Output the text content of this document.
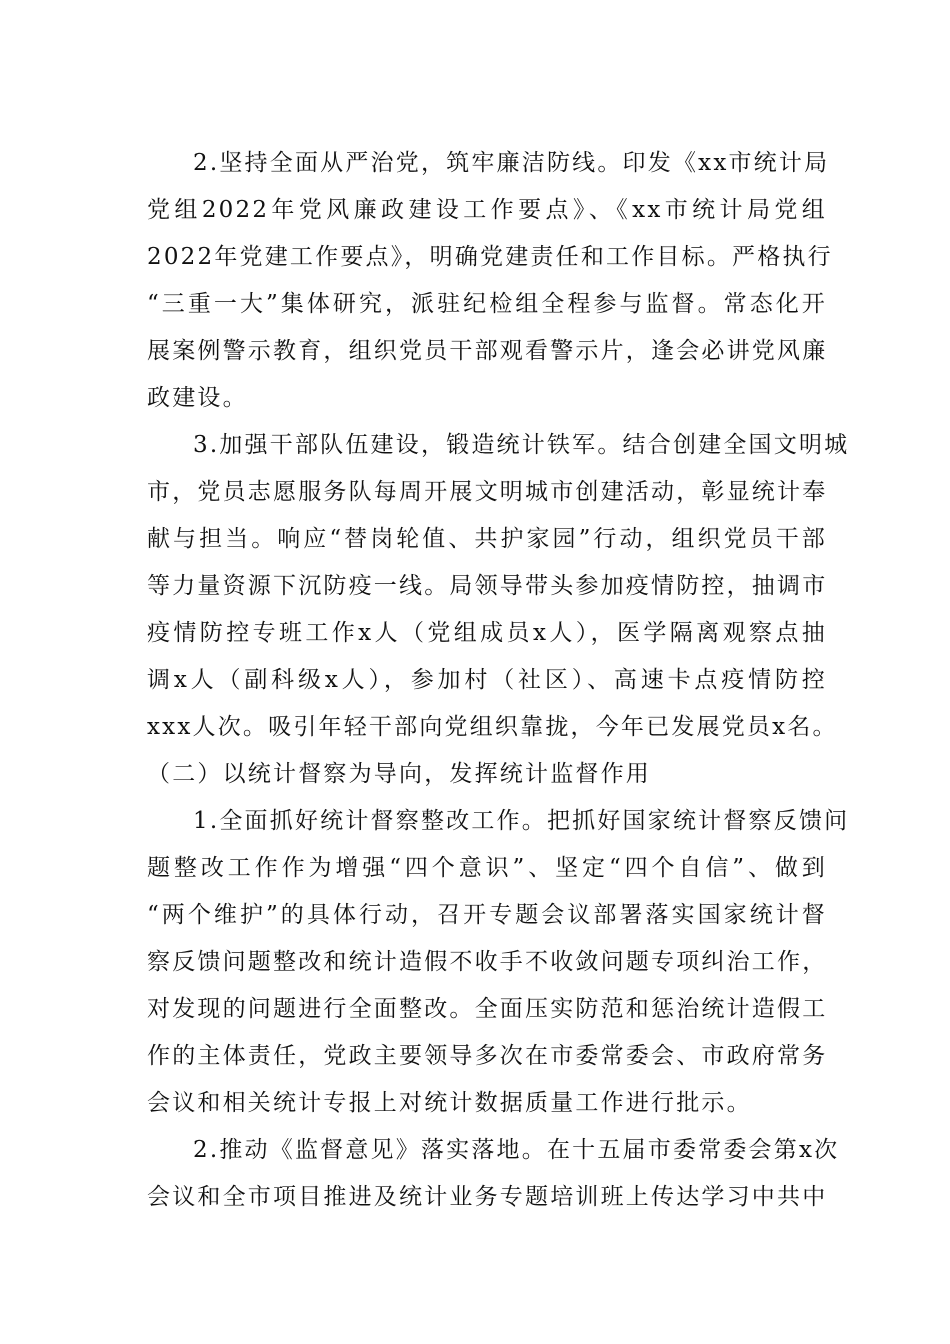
2.坚持全面从严治党，筑牢廉洁防线。印发《xx市统计局
党组2022年党风廉政建设工作要点》、《xx市统计局党组
2022年党建工作要点》，明确党建责任和工作目标。严格执行
“三重一大”集体研究，派驻纪检组全程参与监督。常态化开
展案例警示教育，组织党员干部观看警示片，逢会必讲党风廉
政建设。
3.加强干部队伍建设，锻造统计铁军。结合创建全国文明城
市，党员志愿服务队每周开展文明城市创建活动，彰显统计奉
献与担当。响应“替岗轮值、共护家园”行动，组织党员干部
等力量资源下沉防疫一线。局领导带头参加疫情防控，抽调市
疫情防控专班工作x人（党组成员x人），医学隔离观察点抽
调x人（副科级x人），参加村（社区）、高速卡点疫情防控
xxx人次。吸引年轻干部向党组织靠拢，今年已发展党员x名。
（二）以统计督察为导向，发挥统计监督作用
1.全面抓好统计督察整改工作。把抓好国家统计督察反馈问
题整改工作作为增强“四个意识”、坚定“四个自信”、做到
“两个维护”的具体行动，召开专题会议部署落实国家统计督
察反馈问题整改和统计造假不收手不收敛问题专项纠治工作，
对发现的问题进行全面整改。全面压实防范和惩治统计造假工
作的主体责任，党政主要领导多次在市委常委会、市政府常务
会议和相关统计专报上对统计数据质量工作进行批示。
2.推动《监督意见》落实落地。在十五届市委常委会第x次
会议和全市项目推进及统计业务专题培训班上传达学习中共中
